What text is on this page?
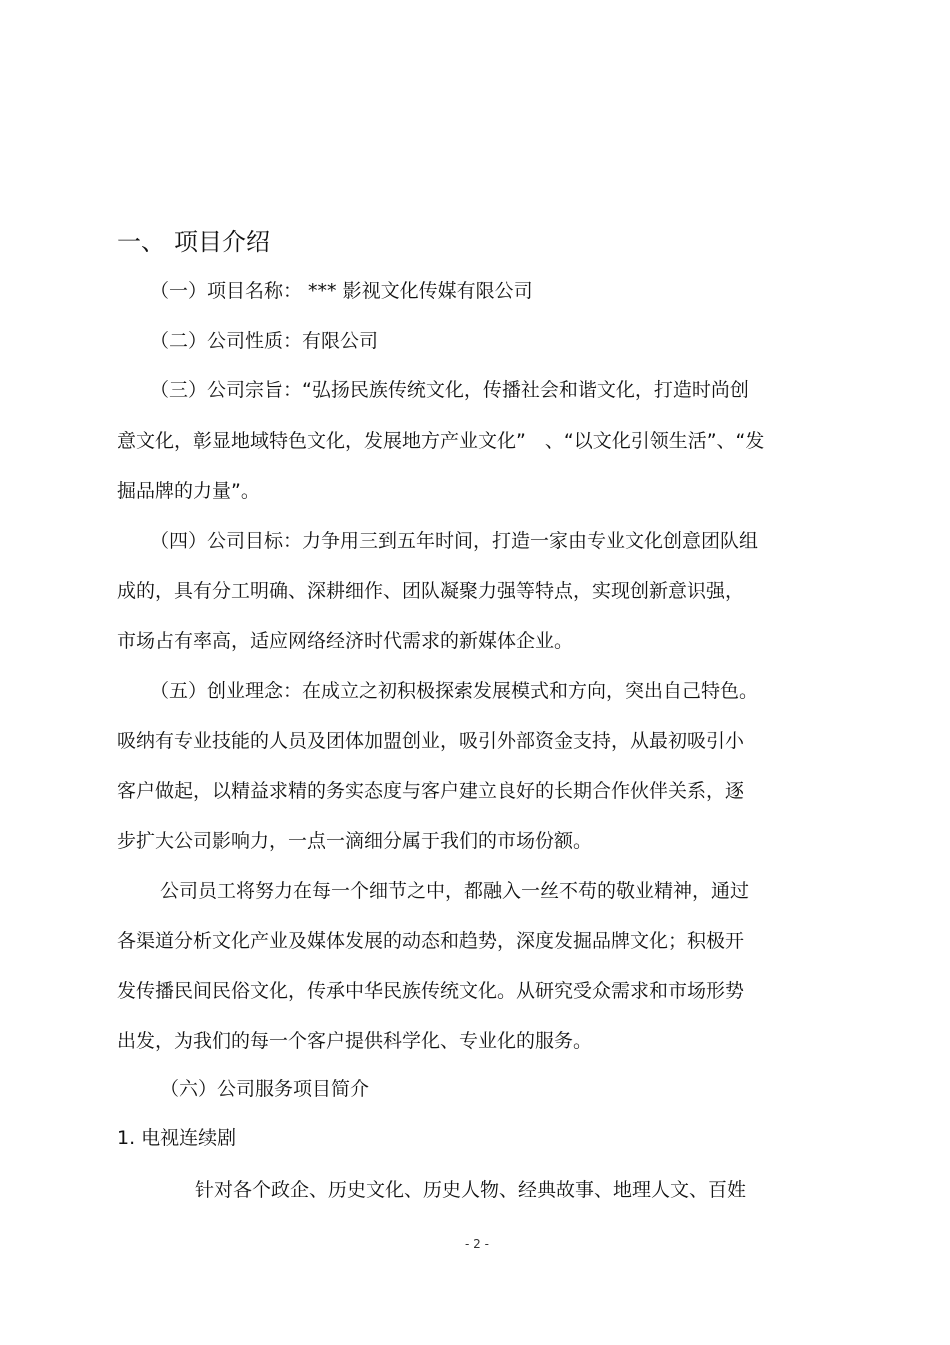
一、 项目介绍
（一）项目名称： *** 影视文化传媒有限公司
（二）公司性质：有限公司
（三）公司宗旨：“弘扬民族传统文化，传播社会和谐文化，打造时尚创
意文化，彰显地域特色文化，发展地方产业文化”　、“以文化引领生活”、“发
掘品牌的力量”。
（四）公司目标：力争用三到五年时间，打造一家由专业文化创意团队组
成的，具有分工明确、深耕细作、团队凝聚力强等特点，实现创新意识强，
市场占有率高，适应网络经济时代需求的新媒体企业。
（五）创业理念：在成立之初积极探索发展模式和方向，突出自己特色。
吸纳有专业技能的人员及团体加盟创业，吸引外部资金支持，从最初吸引小
客户做起，以精益求精的务实态度与客户建立良好的长期合作伙伴关系，逐
步扩大公司影响力，一点一滴细分属于我们的市场份额。
公司员工将努力在每一个细节之中，都融入一丝不苟的敬业精神，通过
各渠道分析文化产业及媒体发展的动态和趋势，深度发掘品牌文化；积极开
发传播民间民俗文化，传承中华民族传统文化。从研究受众需求和市场形势
出发，为我们的每一个客户提供科学化、专业化的服务。
（六）公司服务项目简介
1. 电视连续剧
针对各个政企、历史文化、历史人物、经典故事、地理人文、百姓
- 2 -
